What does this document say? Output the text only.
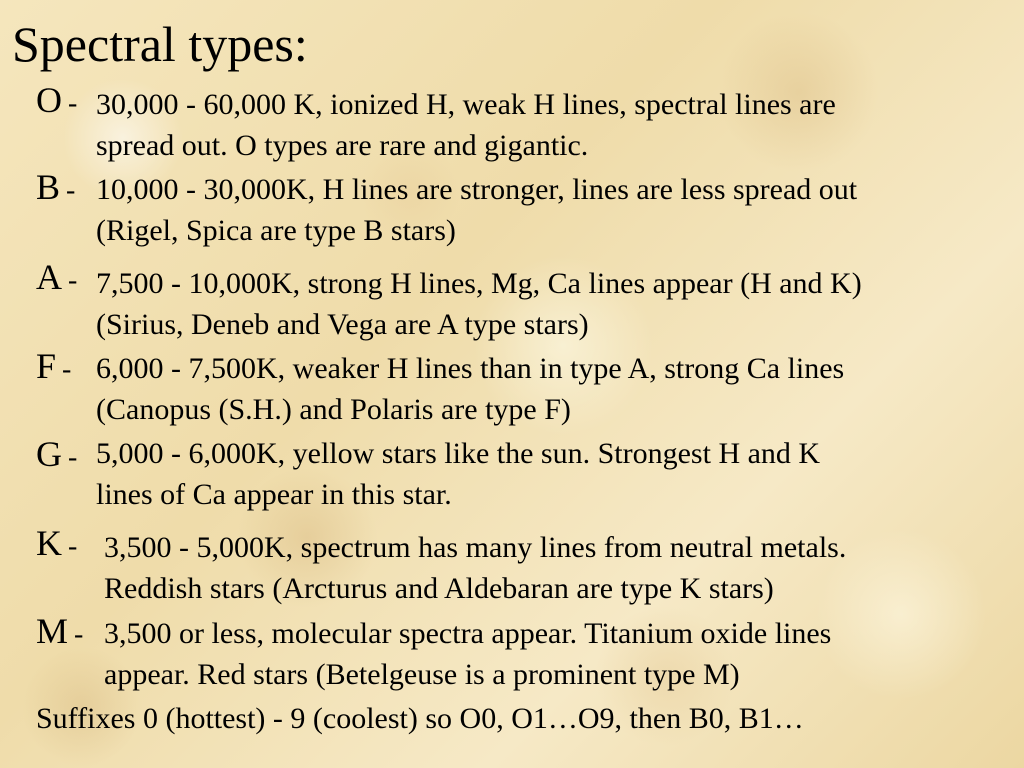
Spectral types:
O - 30,000 - 60,000 K, ionized H, weak H lines, spectral lines are
spread out. O types are rare and gigantic.
B - 10,000 - 30,000K, H lines are stronger, lines are less spread out
(Rigel, Spica are type B stars)
A - 7,500 - 10,000K, strong H lines, Mg, Ca lines appear (H and K)
(Sirius, Deneb and Vega are A type stars)
F - 6,000 - 7,500K, weaker H lines than in type A, strong Ca lines
(Canopus (S.H.) and Polaris are type F)
G - 5,000 - 6,000K, yellow stars like the sun. Strongest H and K
lines of Ca appear in this star.
K - 3,500 - 5,000K, spectrum has many lines from neutral metals.
Reddish stars (Arcturus and Aldebaran are type K stars)
M - 3,500 or less, molecular spectra appear. Titanium oxide lines
appear. Red stars (Betelgeuse is a prominent type M)
Suffixes 0 (hottest) - 9 (coolest) so O0, O1…O9, then B0, B1…
